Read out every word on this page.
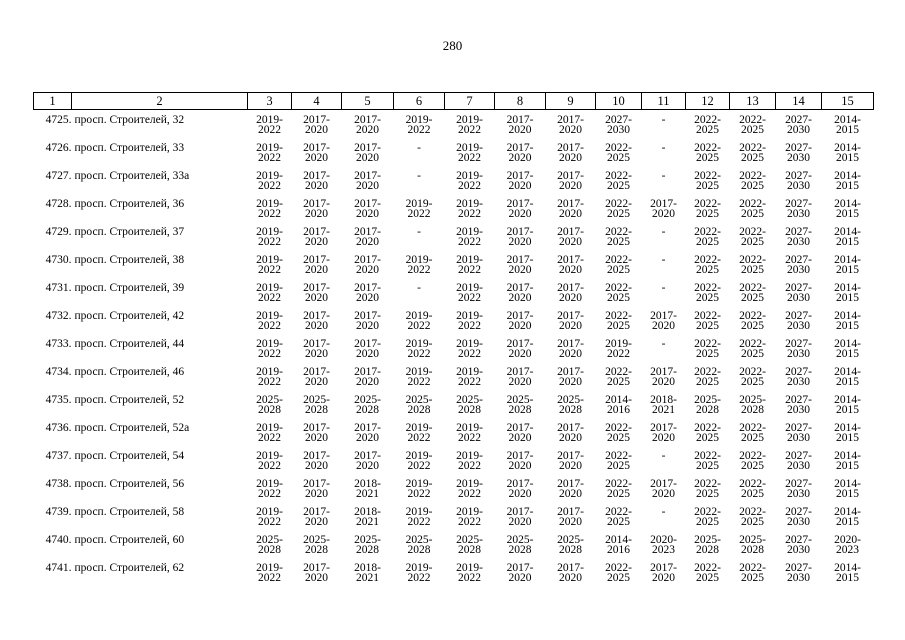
280
1	2	3	4	5	6	7	8	9	10	11	12	13	14	15
4725. просп. Строителей, 32		2019-
2022	2017-
2020	2017-
2020	2019-
2022	2019-
2022	2017-
2020	2017-
2020	2027-
2030	-	2022-
2025	2022-
2025	2027-
2030	2014-
2015

4726. просп. Строителей, 33		2019-
2022	2017-
2020	2017-
2020	-	2019-
2022	2017-
2020	2017-
2020	2022-
2025	-	2022-
2025	2022-
2025	2027-
2030	2014-
2015

4727. просп. Строителей, 33а		2019-
2022	2017-
2020	2017-
2020	-	2019-
2022	2017-
2020	2017-
2020	2022-
2025	-	2022-
2025	2022-
2025	2027-
2030	2014-
2015

4728. просп. Строителей, 36		2019-
2022	2017-
2020	2017-
2020	2019-
2022	2019-
2022	2017-
2020	2017-
2020	2022-
2025	2017-
2020	2022-
2025	2022-
2025	2027-
2030	2014-
2015

4729. просп. Строителей, 37		2019-
2022	2017-
2020	2017-
2020	-	2019-
2022	2017-
2020	2017-
2020	2022-
2025	-	2022-
2025	2022-
2025	2027-
2030	2014-
2015

4730. просп. Строителей, 38		2019-
2022	2017-
2020	2017-
2020	2019-
2022	2019-
2022	2017-
2020	2017-
2020	2022-
2025	-	2022-
2025	2022-
2025	2027-
2030	2014-
2015

4731. просп. Строителей, 39		2019-
2022	2017-
2020	2017-
2020	-	2019-
2022	2017-
2020	2017-
2020	2022-
2025	-	2022-
2025	2022-
2025	2027-
2030	2014-
2015

4732. просп. Строителей, 42		2019-
2022	2017-
2020	2017-
2020	2019-
2022	2019-
2022	2017-
2020	2017-
2020	2022-
2025	2017-
2020	2022-
2025	2022-
2025	2027-
2030	2014-
2015

4733. просп. Строителей, 44		2019-
2022	2017-
2020	2017-
2020	2019-
2022	2019-
2022	2017-
2020	2017-
2020	2019-
2022	-	2022-
2025	2022-
2025	2027-
2030	2014-
2015

4734. просп. Строителей, 46		2019-
2022	2017-
2020	2017-
2020	2019-
2022	2019-
2022	2017-
2020	2017-
2020	2022-
2025	2017-
2020	2022-
2025	2022-
2025	2027-
2030	2014-
2015

4735. просп. Строителей, 52		2025-
2028	2025-
2028	2025-
2028	2025-
2028	2025-
2028	2025-
2028	2025-
2028	2014-
2016	2018-
2021	2025-
2028	2025-
2028	2027-
2030	2014-
2015

4736. просп. Строителей, 52а		2019-
2022	2017-
2020	2017-
2020	2019-
2022	2019-
2022	2017-
2020	2017-
2020	2022-
2025	2017-
2020	2022-
2025	2022-
2025	2027-
2030	2014-
2015

4737. просп. Строителей, 54		2019-
2022	2017-
2020	2017-
2020	2019-
2022	2019-
2022	2017-
2020	2017-
2020	2022-
2025	-	2022-
2025	2022-
2025	2027-
2030	2014-
2015

4738. просп. Строителей, 56		2019-
2022	2017-
2020	2018-
2021	2019-
2022	2019-
2022	2017-
2020	2017-
2020	2022-
2025	2017-
2020	2022-
2025	2022-
2025	2027-
2030	2014-
2015

4739. просп. Строителей, 58		2019-
2022	2017-
2020	2018-
2021	2019-
2022	2019-
2022	2017-
2020	2017-
2020	2022-
2025	-	2022-
2025	2022-
2025	2027-
2030	2014-
2015

4740. просп. Строителей, 60		2025-
2028	2025-
2028	2025-
2028	2025-
2028	2025-
2028	2025-
2028	2025-
2028	2014-
2016	2020-
2023	2025-
2028	2025-
2028	2027-
2030	2020-
2023

4741. просп. Строителей, 62		2019-
2022	2017-
2020	2018-
2021	2019-
2022	2019-
2022	2017-
2020	2017-
2020	2022-
2025	2017-
2020	2022-
2025	2022-
2025	2027-
2030	2014-
2015
